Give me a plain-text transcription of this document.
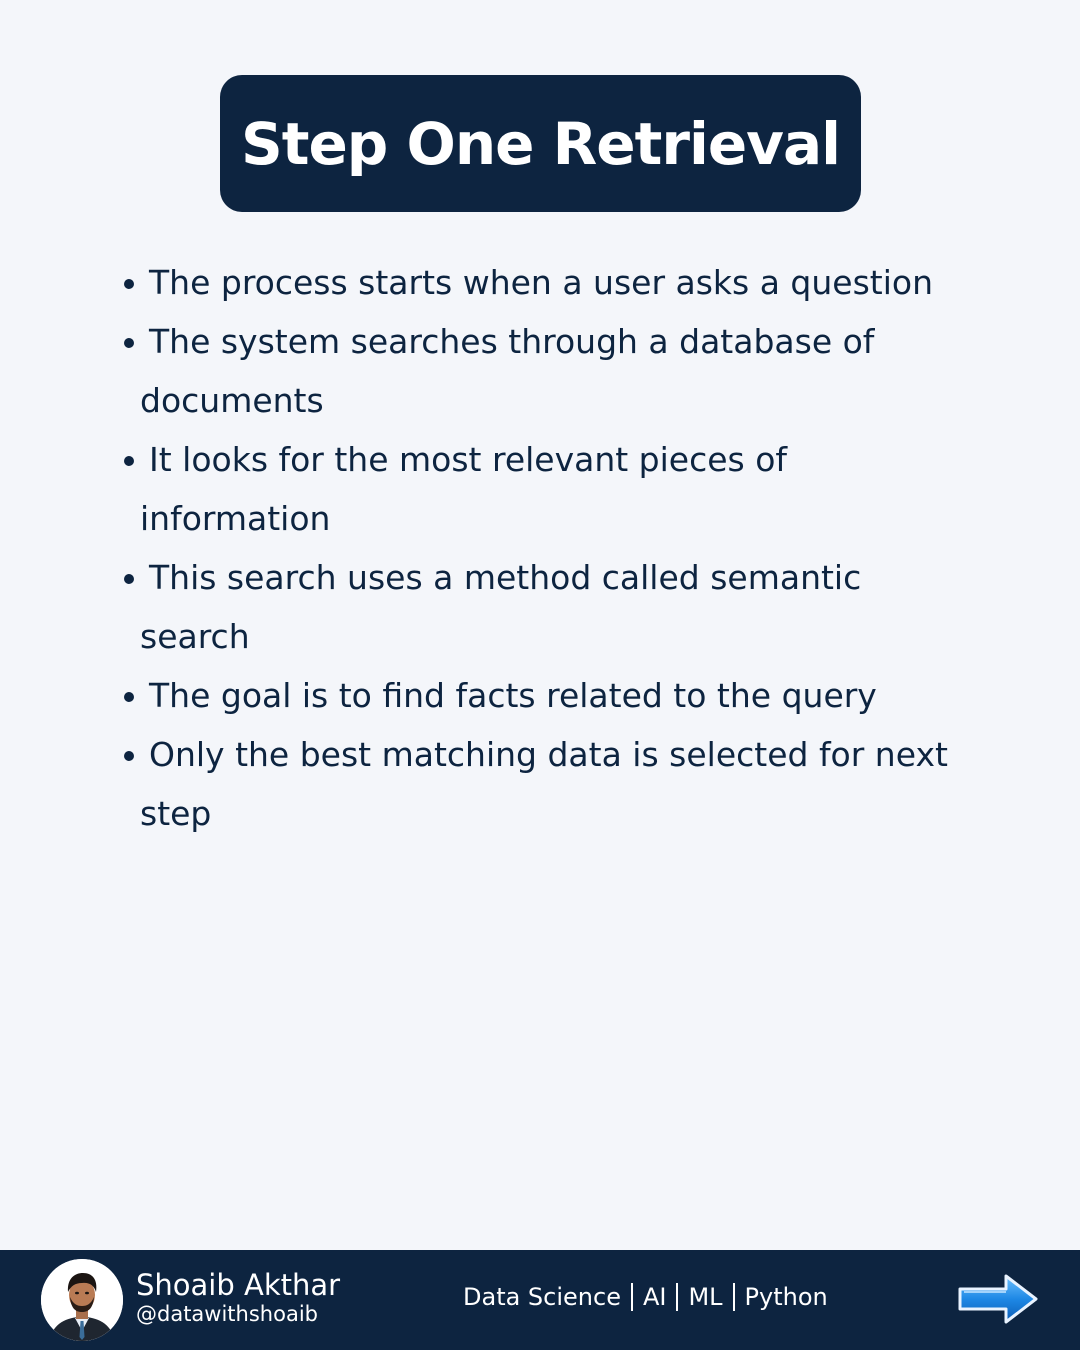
Step One Retrieval
The process starts when a user asks a question
The system searches through a database of documents
It looks for the most relevant pieces of information
This search uses a method called semantic search
The goal is to find facts related to the query
Only the best matching data is selected for next step
Shoaib Akthar
@datawithshoaib
Data Science AI ML Python
